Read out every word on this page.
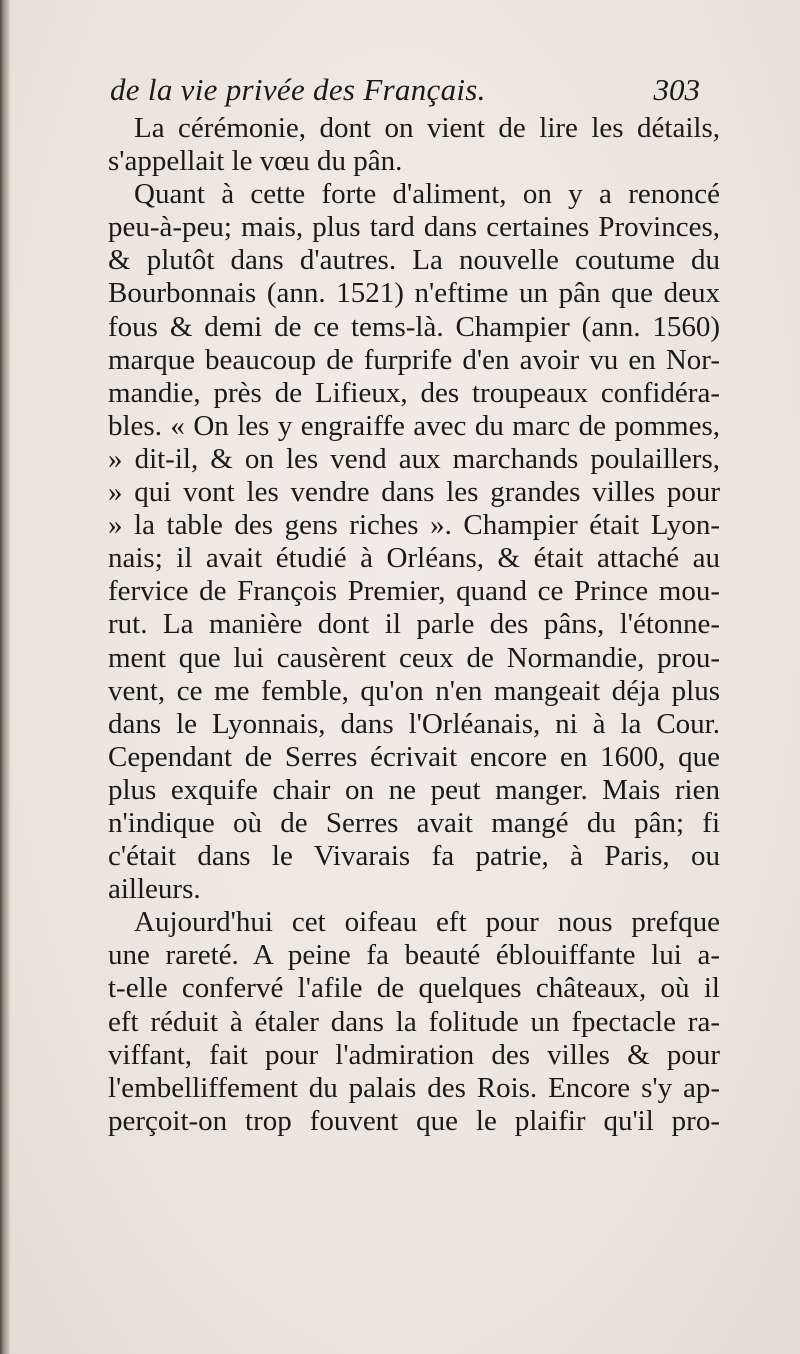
de la vie privée des Français.	303
La cérémonie, dont on vient de lire les détails,
s'appellait le vœu du pân.
Quant à cette forte d'aliment, on y a renoncé
peu-à-peu; mais, plus tard dans certaines Provinces,
& plutôt dans d'autres. La nouvelle coutume du
Bourbonnais (ann. 1521) n'eftime un pân que deux
fous & demi de ce tems-là. Champier (ann. 1560)
marque beaucoup de furprife d'en avoir vu en Nor-
mandie, près de Lifieux, des troupeaux confidéra-
bles. « On les y engraiffe avec du marc de pommes,
» dit-il, & on les vend aux marchands poulaillers,
» qui vont les vendre dans les grandes villes pour
» la table des gens riches ». Champier était Lyon-
nais; il avait étudié à Orléans, & était attaché au
fervice de François Premier, quand ce Prince mou-
rut. La manière dont il parle des pâns, l'étonne-
ment que lui causèrent ceux de Normandie, prou-
vent, ce me femble, qu'on n'en mangeait déja plus
dans le Lyonnais, dans l'Orléanais, ni à la Cour.
Cependant de Serres écrivait encore en 1600, que
plus exquife chair on ne peut manger. Mais rien
n'indique où de Serres avait mangé du pân; fi
c'était dans le Vivarais fa patrie, à Paris, ou
ailleurs.
Aujourd'hui cet oifeau eft pour nous prefque
une rareté. A peine fa beauté éblouiffante lui a-
t-elle confervé l'afile de quelques châteaux, où il
eft réduit à étaler dans la folitude un fpectacle ra-
viffant, fait pour l'admiration des villes & pour
l'embelliffement du palais des Rois. Encore s'y ap-
perçoit-on trop fouvent que le plaifir qu'il pro-
